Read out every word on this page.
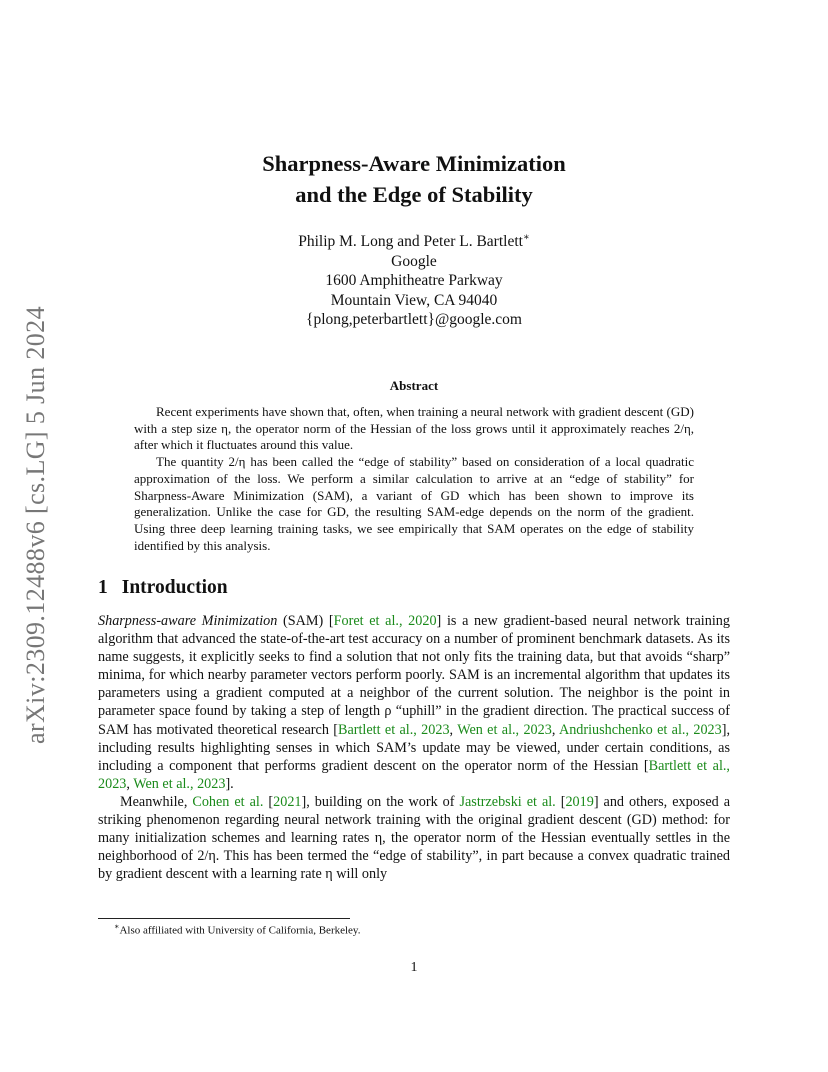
arXiv:2309.12488v6 [cs.LG] 5 Jun 2024
Sharpness-Aware Minimization
and the Edge of Stability
Philip M. Long and Peter L. Bartlett∗
Google
1600 Amphitheatre Parkway
Mountain View, CA 94040
{plong,peterbartlett}@google.com
Abstract

Recent experiments have shown that, often, when training a neural network with gradient descent (GD) with a step size η, the operator norm of the Hessian of the loss grows until it approximately reaches 2/η, after which it fluctuates around this value.

The quantity 2/η has been called the “edge of stability” based on consideration of a local quadratic approximation of the loss. We perform a similar calculation to arrive at an “edge of stability” for Sharpness-Aware Minimization (SAM), a variant of GD which has been shown to improve its generalization. Unlike the case for GD, the resulting SAM-edge depends on the norm of the gradient. Using three deep learning training tasks, we see empirically that SAM operates on the edge of stability identified by this analysis.

1 Introduction

Sharpness-aware Minimization (SAM) [Foret et al., 2020] is a new gradient-based neural network training algorithm that advanced the state-of-the-art test accuracy on a number of prominent benchmark datasets. As its name suggests, it explicitly seeks to find a solution that not only fits the training data, but that avoids “sharp” minima, for which nearby parameter vectors perform poorly. SAM is an incremental algorithm that updates its parameters using a gradient computed at a neighbor of the current solution. The neighbor is the point in parameter space found by taking a step of length ρ “uphill” in the gradient direction. The practical success of SAM has motivated theoretical research [Bartlett et al., 2023, Wen et al., 2023, Andriushchenko et al., 2023], including results highlighting senses in which SAM’s update may be viewed, under certain conditions, as including a component that performs gradient descent on the operator norm of the Hessian [Bartlett et al., 2023, Wen et al., 2023].

Meanwhile, Cohen et al. [2021], building on the work of Jastrzebski et al. [2019] and others, exposed a striking phenomenon regarding neural network training with the original gradient descent (GD) method: for many initialization schemes and learning rates η, the operator norm of the Hessian eventually settles in the neighborhood of 2/η. This has been termed the “edge of stability”, in part because a convex quadratic trained by gradient descent with a learning rate η will only

∗Also affiliated with University of California, Berkeley.
1
